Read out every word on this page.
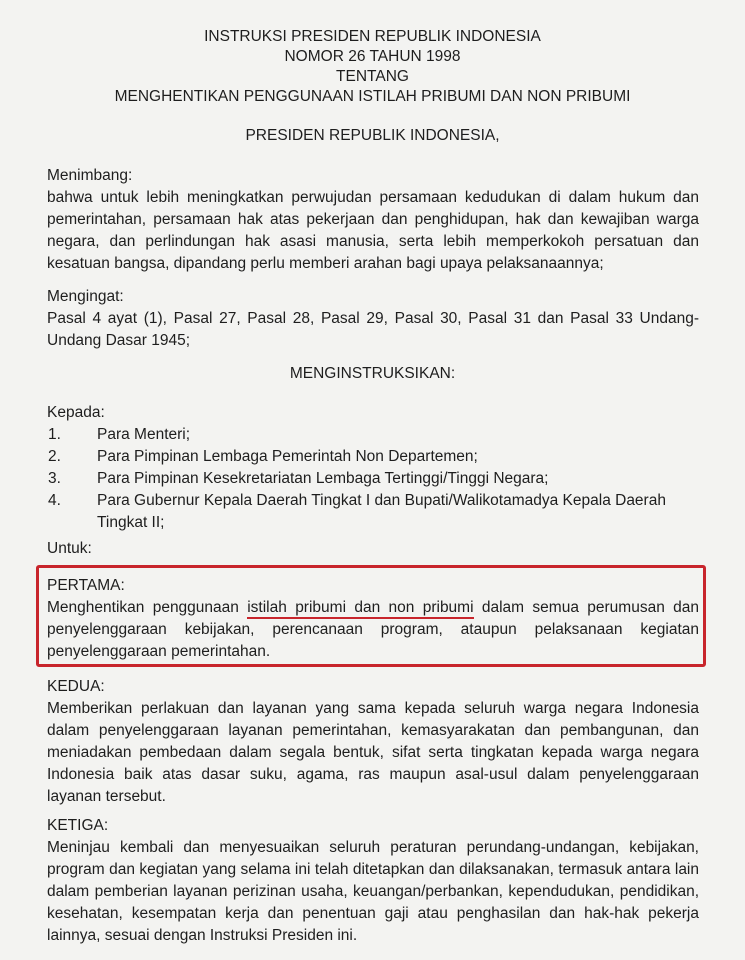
INSTRUKSI PRESIDEN REPUBLIK INDONESIA
NOMOR 26 TAHUN 1998
TENTANG
MENGHENTIKAN PENGGUNAAN ISTILAH PRIBUMI DAN NON PRIBUMI
PRESIDEN REPUBLIK INDONESIA,
Menimbang:
bahwa untuk lebih meningkatkan perwujudan persamaan kedudukan di dalam hukum dan pemerintahan, persamaan hak atas pekerjaan dan penghidupan, hak dan kewajiban warga negara, dan perlindungan hak asasi manusia, serta lebih memperkokoh persatuan dan kesatuan bangsa, dipandang perlu memberi arahan bagi upaya pelaksanaannya;
Mengingat:
Pasal 4 ayat (1), Pasal 27, Pasal 28, Pasal 29, Pasal 30, Pasal 31 dan Pasal 33 Undang-Undang Dasar 1945;
MENGINSTRUKSIKAN:
Kepada:
1. Para Menteri;
2. Para Pimpinan Lembaga Pemerintah Non Departemen;
3. Para Pimpinan Kesekretariatan Lembaga Tertinggi/Tinggi Negara;
4. Para Gubernur Kepala Daerah Tingkat I dan Bupati/Walikotamadya Kepala Daerah Tingkat II;
Untuk:
PERTAMA:
Menghentikan penggunaan istilah pribumi dan non pribumi dalam semua perumusan dan penyelenggaraan kebijakan, perencanaan program, ataupun pelaksanaan kegiatan penyelenggaraan pemerintahan.
KEDUA:
Memberikan perlakuan dan layanan yang sama kepada seluruh warga negara Indonesia dalam penyelenggaraan layanan pemerintahan, kemasyarakatan dan pembangunan, dan meniadakan pembedaan dalam segala bentuk, sifat serta tingkatan kepada warga negara Indonesia baik atas dasar suku, agama, ras maupun asal-usul dalam penyelenggaraan layanan tersebut.
KETIGA:
Meninjau kembali dan menyesuaikan seluruh peraturan perundang-undangan, kebijakan, program dan kegiatan yang selama ini telah ditetapkan dan dilaksanakan, termasuk antara lain dalam pemberian layanan perizinan usaha, keuangan/perbankan, kependudukan, pendidikan, kesehatan, kesempatan kerja dan penentuan gaji atau penghasilan dan hak-hak pekerja lainnya, sesuai dengan Instruksi Presiden ini.
